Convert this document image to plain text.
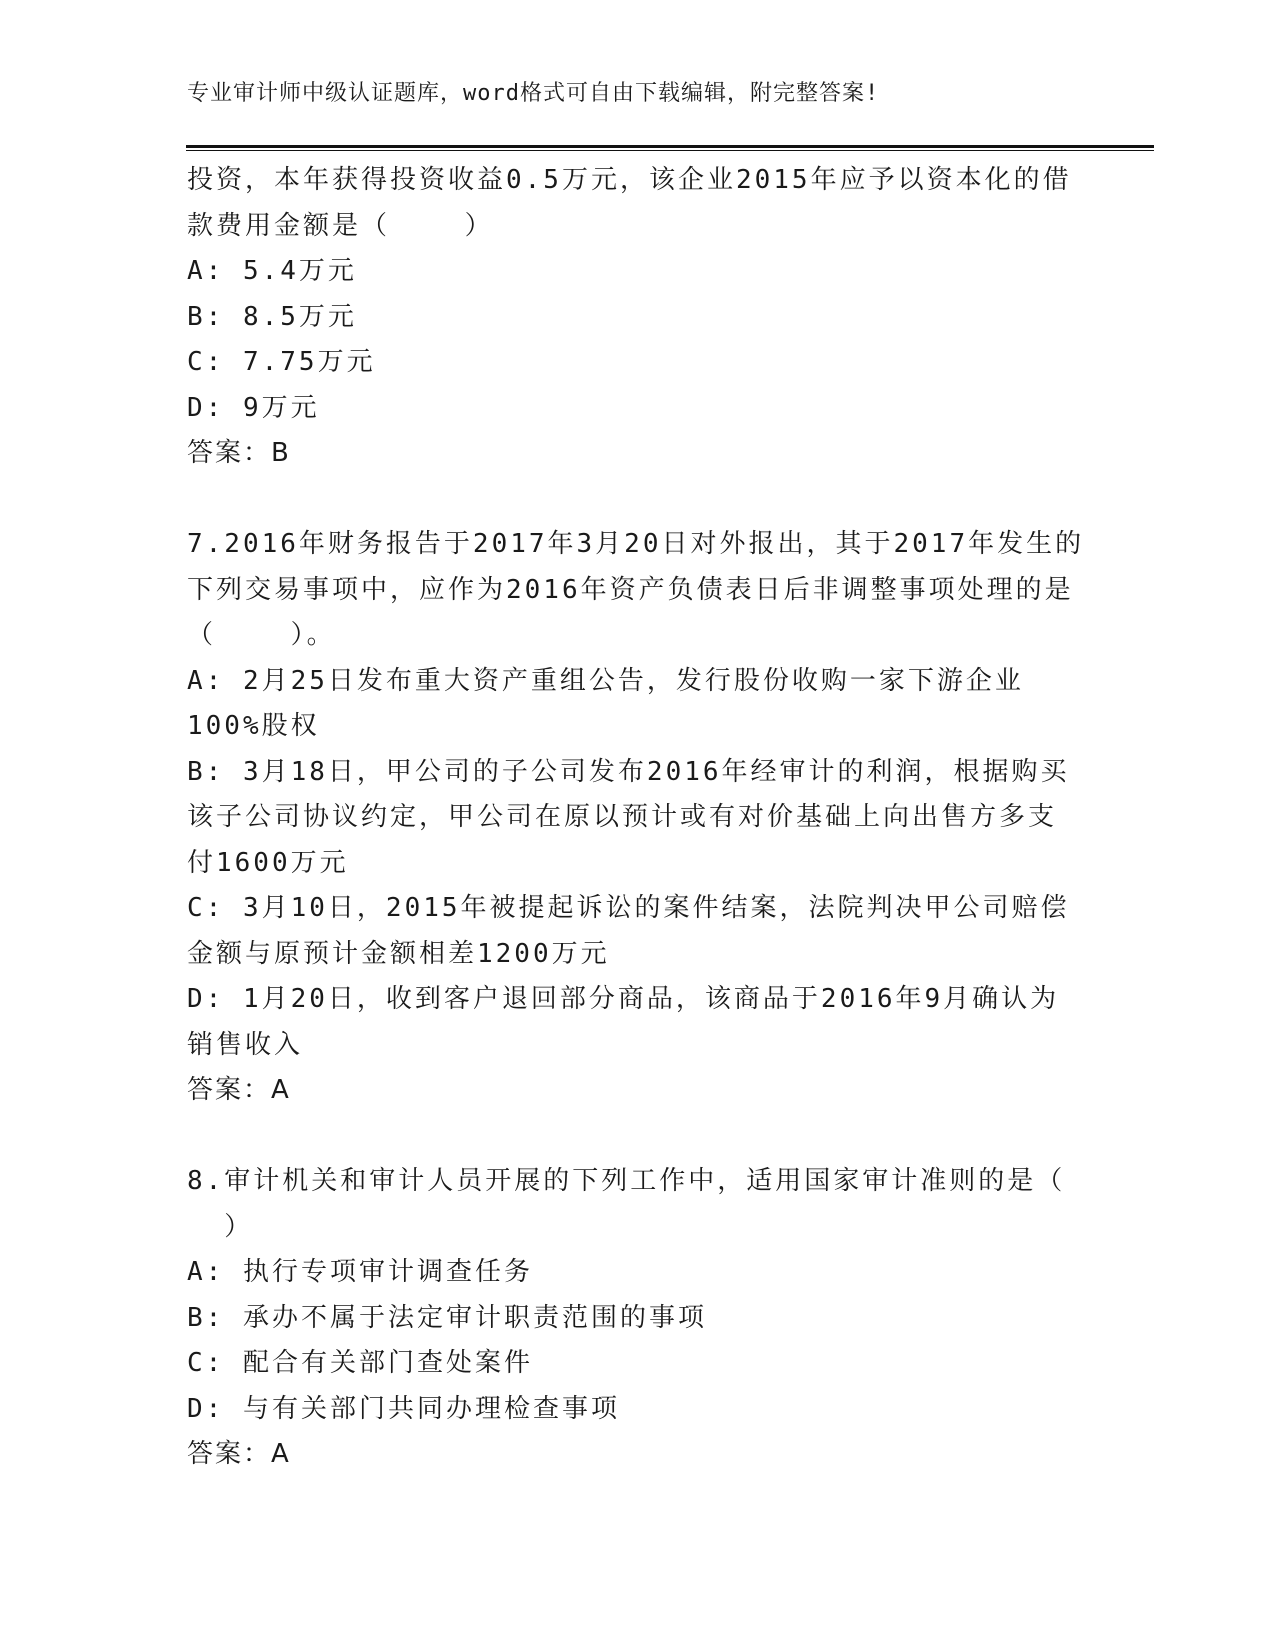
专业审计师中级认证题库，word格式可自由下载编辑，附完整答案!
投资，本年获得投资收益0.5万元，该企业2015年应予以资本化的借
款费用金额是（    ）
A: 5.4万元
B: 8.5万元
C: 7.75万元
D: 9万元
答案：B
7.2016年财务报告于2017年3月20日对外报出，其于2017年发生的
下列交易事项中，应作为2016年资产负债表日后非调整事项处理的是
（    ）。
A: 2月25日发布重大资产重组公告，发行股份收购一家下游企业
100%股权
B: 3月18日，甲公司的子公司发布2016年经审计的利润，根据购买
该子公司协议约定，甲公司在原以预计或有对价基础上向出售方多支
付1600万元
C: 3月10日，2015年被提起诉讼的案件结案，法院判决甲公司赔偿
金额与原预计金额相差1200万元
D: 1月20日，收到客户退回部分商品，该商品于2016年9月确认为
销售收入
答案：A
8.审计机关和审计人员开展的下列工作中，适用国家审计准则的是（
）
A: 执行专项审计调查任务
B: 承办不属于法定审计职责范围的事项
C: 配合有关部门查处案件
D: 与有关部门共同办理检查事项
答案：A
